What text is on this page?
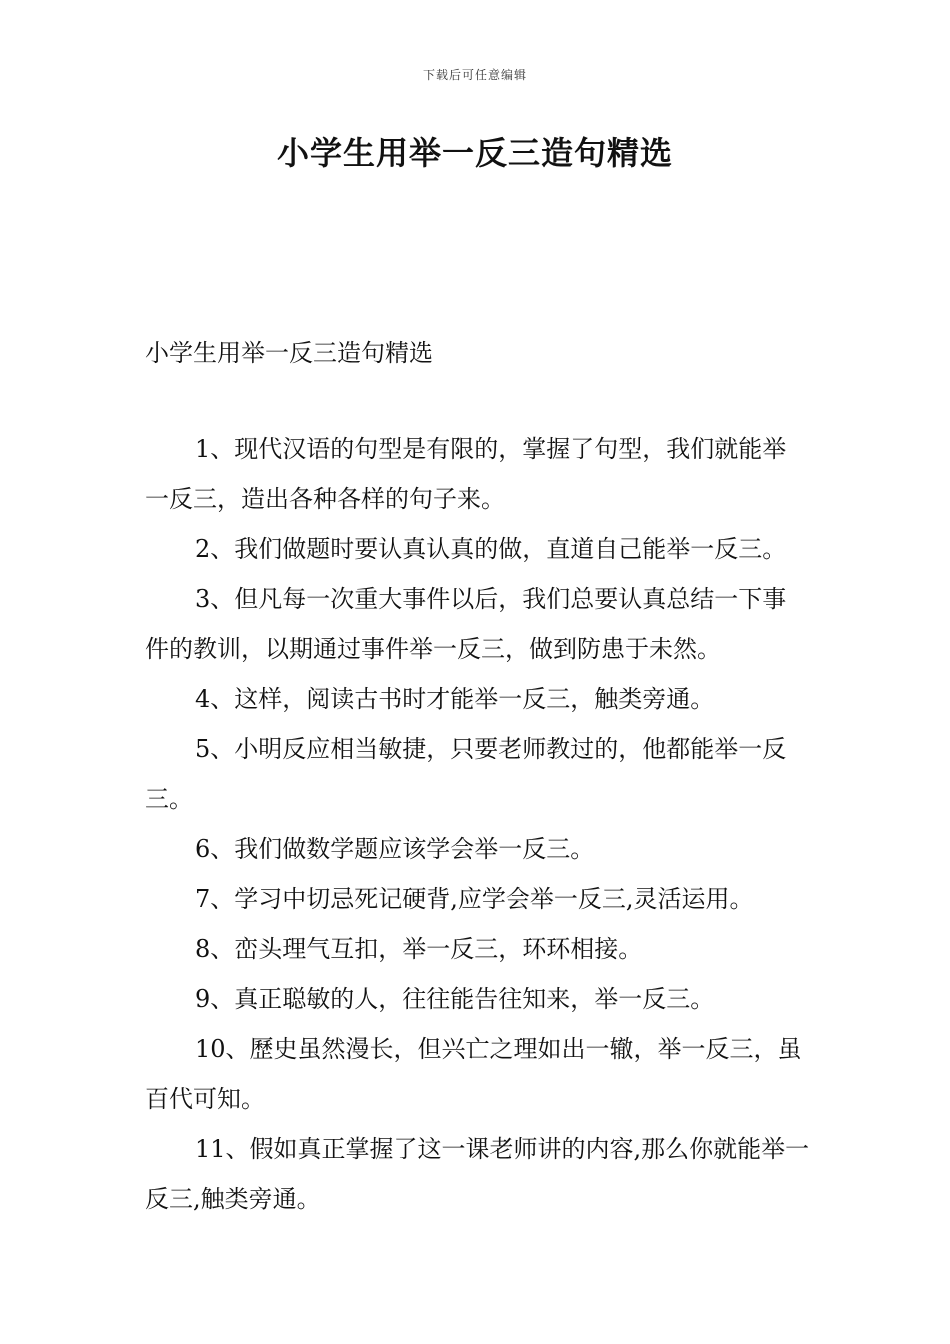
下载后可任意编辑
小学生用举一反三造句精选
小学生用举一反三造句精选

1、现代汉语的句型是有限的，掌握了句型，我们就能举一反三，造出各种各样的句子来。

2、我们做题时要认真认真的做，直道自己能举一反三。

3、但凡每一次重大事件以后，我们总要认真总结一下事件的教训，以期通过事件举一反三，做到防患于未然。

4、这样，阅读古书时才能举一反三，触类旁通。

5、小明反应相当敏捷，只要老师教过的，他都能举一反三。

6、我们做数学题应该学会举一反三。

7、学习中切忌死记硬背,应学会举一反三,灵活运用。

8、峦头理气互扣，举一反三，环环相接。

9、真正聪敏的人，往往能告往知来，举一反三。

10、歷史虽然漫长，但兴亡之理如出一辙，举一反三，虽百代可知。

11、假如真正掌握了这一课老师讲的内容,那么你就能举一反三,触类旁通。
